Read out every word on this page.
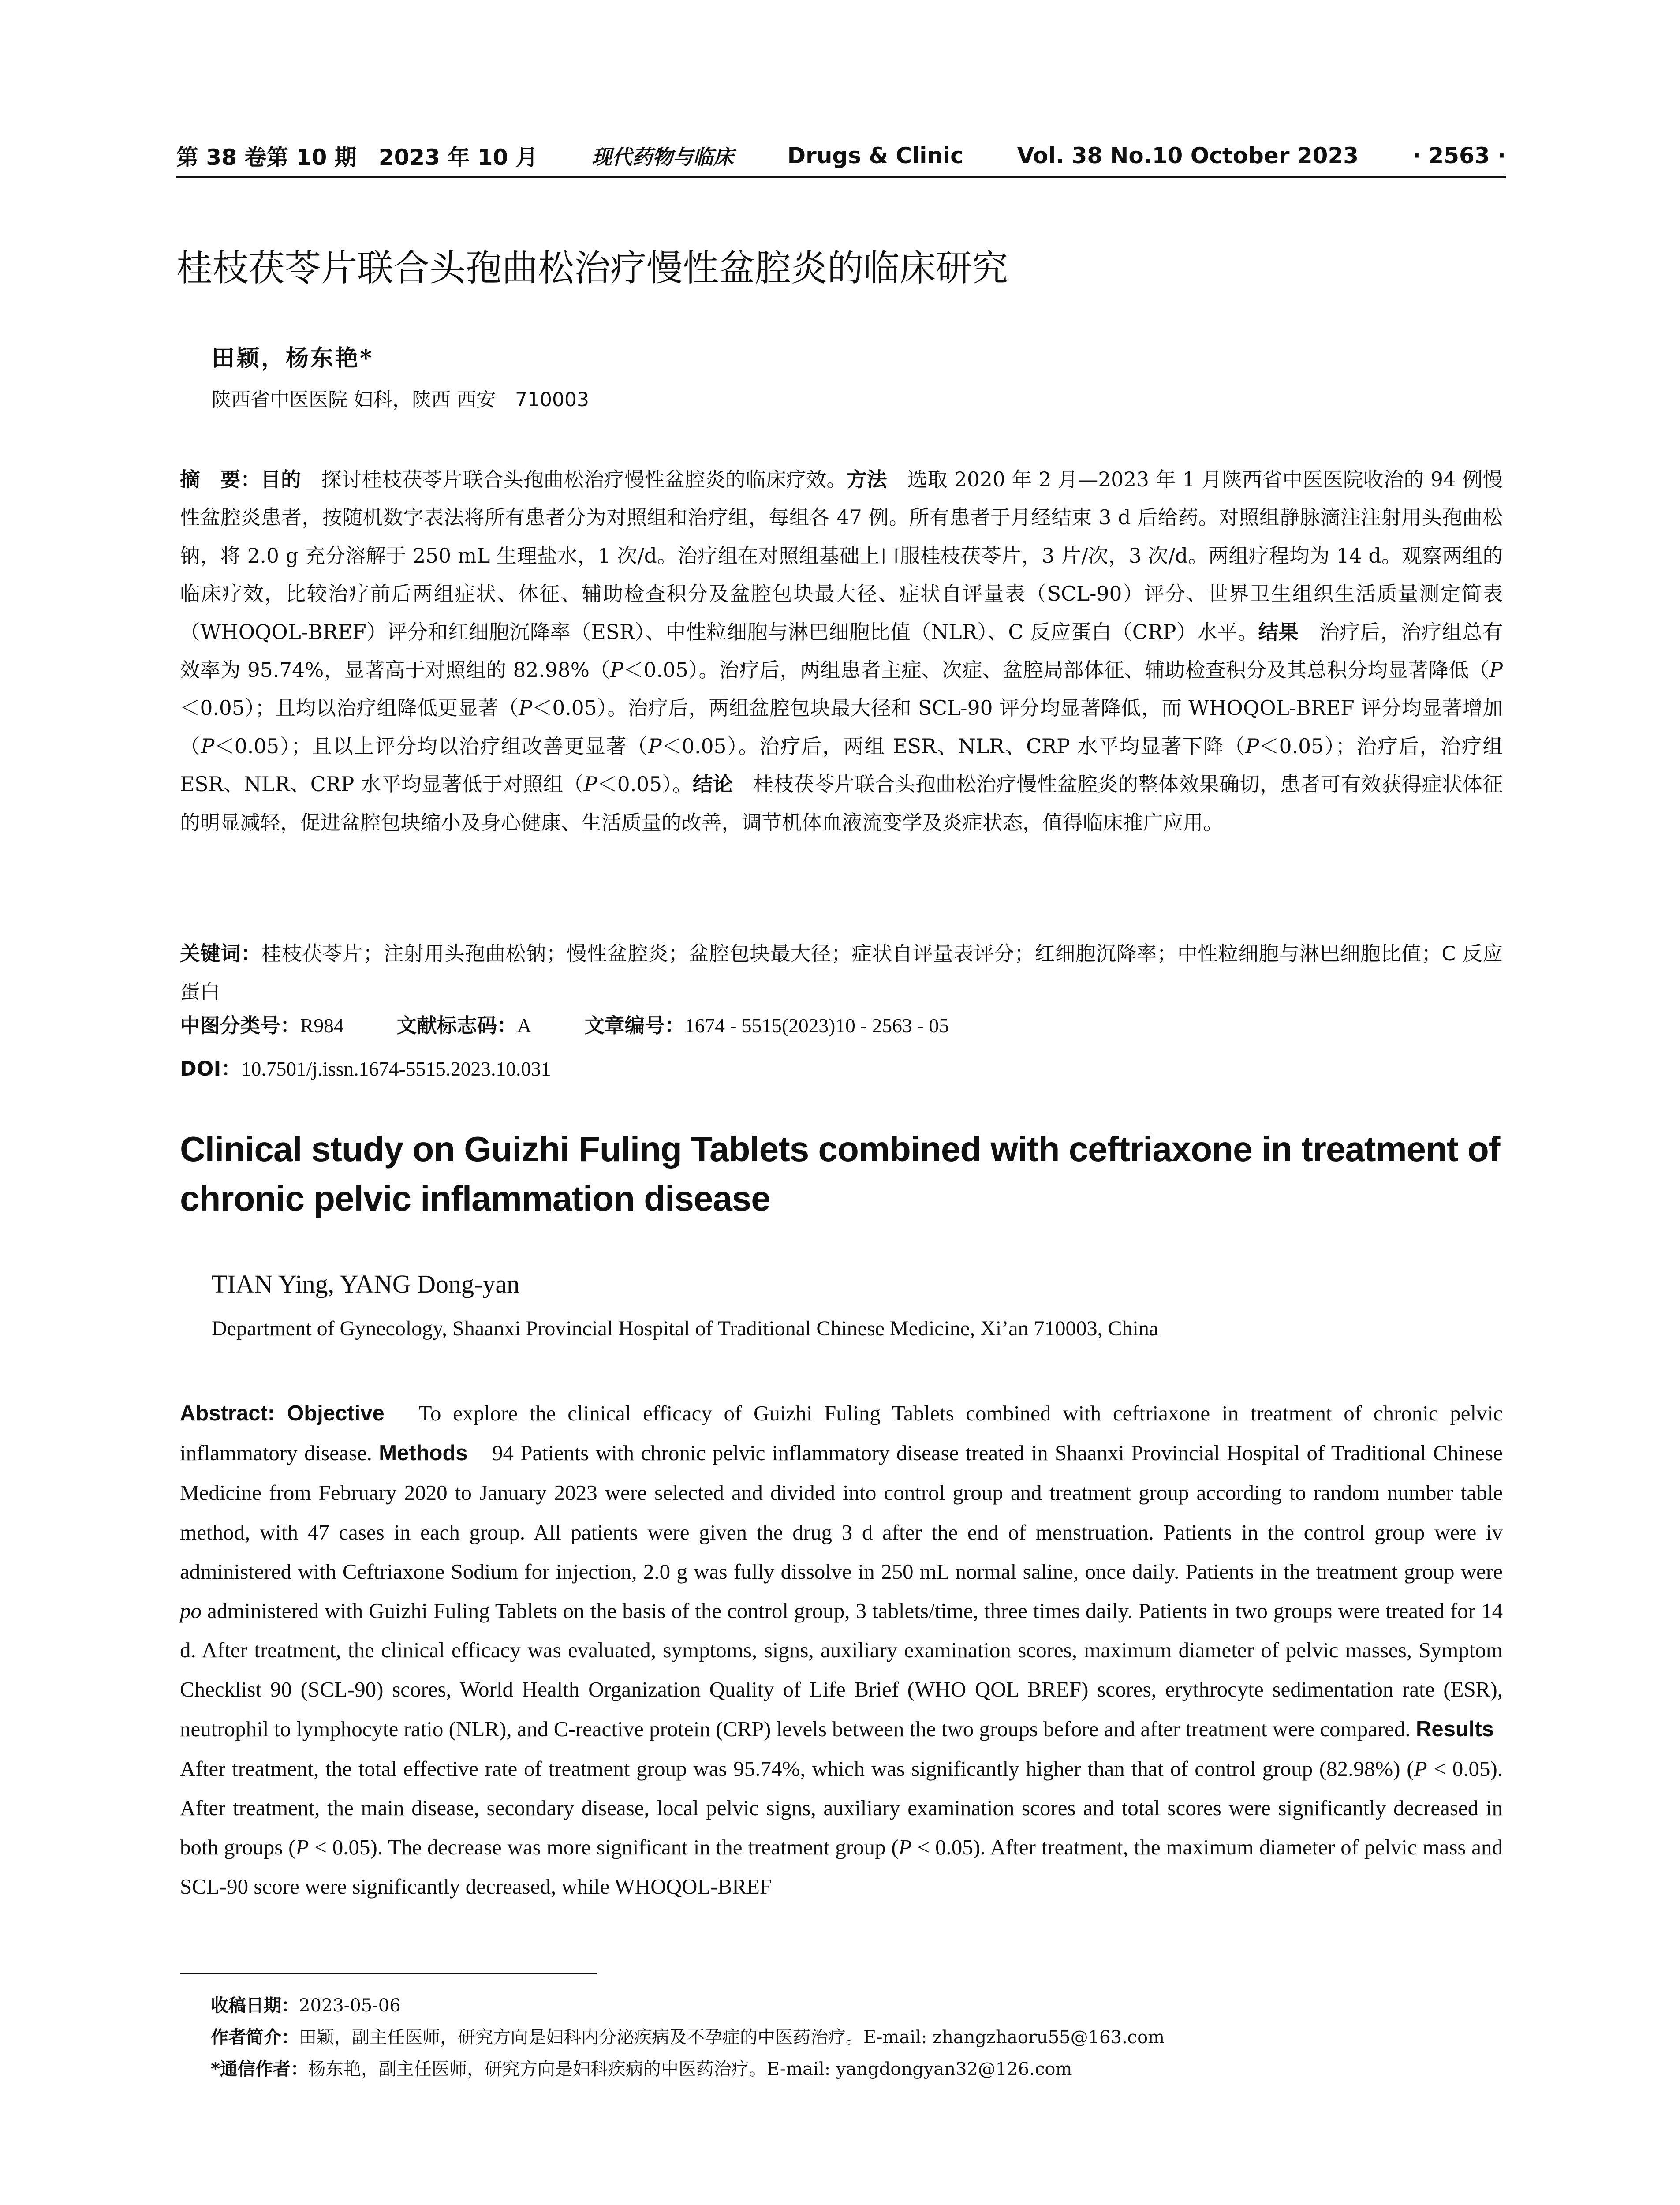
第 38 卷第 10 期　2023 年 10 月	现代药物与临床 Drugs & Clinic Vol. 38 No.10 October 2023 · 2563 ·
桂枝茯苓片联合头孢曲松治疗慢性盆腔炎的临床研究
田颖，杨东艳*
陕西省中医医院 妇科，陕西 西安　710003

摘　要：目的　探讨桂枝茯苓片联合头孢曲松治疗慢性盆腔炎的临床疗效。方法　选取 2020 年 2 月—2023 年 1 月陕西省中医医院收治的 94 例慢性盆腔炎患者，按随机数字表法将所有患者分为对照组和治疗组，每组各 47 例。所有患者于月经结束 3 d 后给药。对照组静脉滴注注射用头孢曲松钠，将 2.0 g 充分溶解于 250 mL 生理盐水，1 次/d。治疗组在对照组基础上口服桂枝茯苓片，3 片/次，3 次/d。两组疗程均为 14 d。观察两组的临床疗效，比较治疗前后两组症状、体征、辅助检查积分及盆腔包块最大径、症状自评量表（SCL-90）评分、世界卫生组织生活质量测定简表（WHOQOL-BREF）评分和红细胞沉降率（ESR）、中性粒细胞与淋巴细胞比值（NLR）、C 反应蛋白（CRP）水平。结果　治疗后，治疗组总有效率为 95.74%，显著高于对照组的 82.98%（P＜0.05）。治疗后，两组患者主症、次症、盆腔局部体征、辅助检查积分及其总积分均显著降低（P＜0.05）；且均以治疗组降低更显著（P＜0.05）。治疗后，两组盆腔包块最大径和 SCL-90 评分均显著降低，而 WHOQOL-BREF 评分均显著增加（P＜0.05）；且以上评分均以治疗组改善更显著（P＜0.05）。治疗后，两组 ESR、NLR、CRP 水平均显著下降（P＜0.05）；治疗后，治疗组 ESR、NLR、CRP 水平均显著低于对照组（P＜0.05）。结论　桂枝茯苓片联合头孢曲松治疗慢性盆腔炎的整体效果确切，患者可有效获得症状体征的明显减轻，促进盆腔包块缩小及身心健康、生活质量的改善，调节机体血液流变学及炎症状态，值得临床推广应用。

关键词：桂枝茯苓片；注射用头孢曲松钠；慢性盆腔炎；盆腔包块最大径；症状自评量表评分；红细胞沉降率；中性粒细胞与淋巴细胞比值；C 反应蛋白

中图分类号：R984	文献标志码：A	文章编号：1674 - 5515(2023)10 - 2563 - 05
DOI：10.7501/j.issn.1674-5515.2023.10.031
Clinical study on Guizhi Fuling Tablets combined with ceftriaxone in treatment of chronic pelvic inflammation disease
TIAN Ying, YANG Dong-yan
Department of Gynecology, Shaanxi Provincial Hospital of Traditional Chinese Medicine, Xi’an 710003, China

Abstract: Objective　To explore the clinical efficacy of Guizhi Fuling Tablets combined with ceftriaxone in treatment of chronic pelvic inflammatory disease. Methods　94 Patients with chronic pelvic inflammatory disease treated in Shaanxi Provincial Hospital of Traditional Chinese Medicine from February 2020 to January 2023 were selected and divided into control group and treatment group according to random number table method, with 47 cases in each group. All patients were given the drug 3 d after the end of menstruation. Patients in the control group were iv administered with Ceftriaxone Sodium for injection, 2.0 g was fully dissolve in 250 mL normal saline, once daily. Patients in the treatment group were po administered with Guizhi Fuling Tablets on the basis of the control group, 3 tablets/time, three times daily. Patients in two groups were treated for 14 d. After treatment, the clinical efficacy was evaluated, symptoms, signs, auxiliary examination scores, maximum diameter of pelvic masses, Symptom Checklist 90 (SCL-90) scores, World Health Organization Quality of Life Brief (WHO QOL BREF) scores, erythrocyte sedimentation rate (ESR), neutrophil to lymphocyte ratio (NLR), and C-reactive protein (CRP) levels between the two groups before and after treatment were compared. Results　After treatment, the total effective rate of treatment group was 95.74%, which was significantly higher than that of control group (82.98%) (P < 0.05). After treatment, the main disease, secondary disease, local pelvic signs, auxiliary examination scores and total scores were significantly decreased in both groups (P < 0.05). The decrease was more significant in the treatment group (P < 0.05). After treatment, the maximum diameter of pelvic mass and SCL-90 score were significantly decreased, while WHOQOL-BREF

收稿日期：2023-05-06
作者简介：田颖，副主任医师，研究方向是妇科内分泌疾病及不孕症的中医药治疗。E-mail: zhangzhaoru55@163.com
*通信作者：杨东艳，副主任医师，研究方向是妇科疾病的中医药治疗。E-mail: yangdongyan32@126.com
